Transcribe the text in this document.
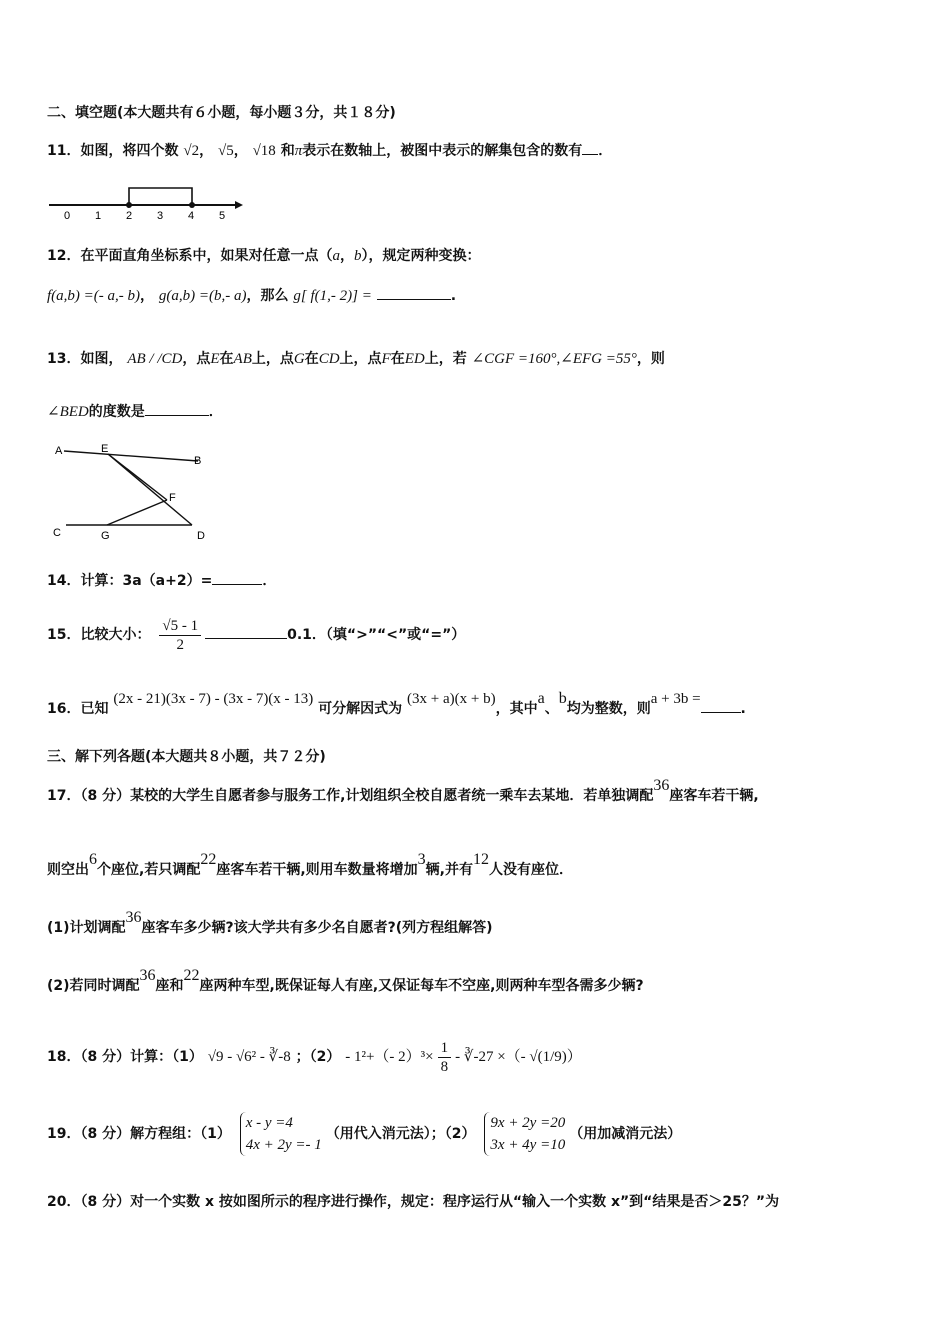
二、填空题(本大题共有６小题，每小题３分，共１８分)
11．如图，将四个数 √2， √5， √18 和π表示在数轴上，被图中表示的解集包含的数有 ．
0 1 2 3 4 5
12．在平面直角坐标系中，如果对任意一点（a，b），规定两种变换：
f(a,b) =(- a,- b)， g(a,b) =(b,- a)，那么 g[ f(1,- 2)] =	.
13．如图， AB / /CD，点E在AB上，点G在CD上，点F在ED上，若 ∠CGF =160°,∠EFG =55°，则
∠BED的度数是	．
A	E
B
F
C	G	D
14．计算：3a（a+2）=	．
15．比较大小： $\frac{√5 - 1}{2}$	0.1．（填“>”“<”或“=”）
16．已知 (2x - 21)(3x - 7) - (3x - 7)(x - 13) 可分解因式为 (3x + a)(x + b)，其中a、b均为整数，则a + 3b =.
三、解下列各题(本大题共８小题，共７２分)
17．（8 分）某校的大学生自愿者参与服务工作,计划组织全校自愿者统一乘车去某地．若单独调配36座客车若干辆,
则空出6个座位,若只调配22座客车若干辆,则用车数量将增加3辆,并有12人没有座位．
(1)计划调配36座客车多少辆?该大学共有多少名自愿者?(列方程组解答)
(2)若同时调配36座和22座两种车型,既保证每人有座,又保证每车不空座,则两种车型各需多少辆?
18．（8 分）计算：（1） √9 - √6² - ∛-8 ；（2） - 1²+（- $2)^3\times \frac{1}{8}$ - ∛-27 ×（- √(1/9)）
19．（8 分）解方程组：（1）
x - y =4
4x + 2y =- 1
（用代入消元法）；（2）
9x + 2y =20
3x + 4y =10
（用加减消元法）
20．（8 分）对一个实数 x 按如图所示的程序进行操作，规定：程序运行从“输入一个实数 x”到“结果是否＞25？”为
